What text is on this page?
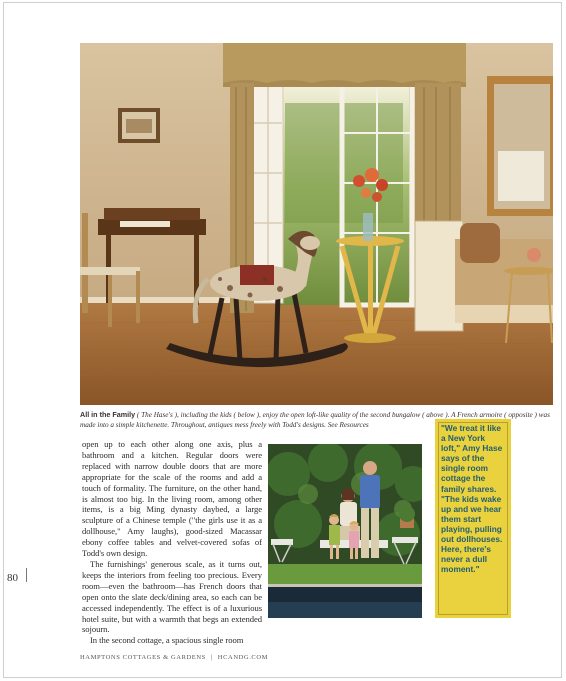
All in the Family ( The Hase's ), including the kids ( below ), enjoy the open loft-like quality of the second bungalow ( above ). A French armoire ( opposite ) was made into a simple kitchenette. Throughout, antiques mess freely with Todd's designs. See Resources

open up to each other along one axis, plus a bathroom and a kitchen. Regular doors were replaced with narrow double doors that are more appropriate for the scale of the rooms and add a touch of formality. The furniture, on the other hand, is almost too big. In the living room, among other items, is a big Ming dynasty daybed, a large sculpture of a Chinese temple ("the girls use it as a dollhouse," Amy laughs), good-sized Macassar ebony coffee tables and velvet-covered sofas of Todd's own design.

The furnishings' generous scale, as it turns out, keeps the interiors from feeling too precious. Every room—even the bathroom—has French doors that open onto the slate deck/dining area, so each can be accessed independently. The effect is of a luxurious hotel suite, but with a warmth that begs an extended sojourn.

In the second cottage, a spacious single room

"We treat it like a New York loft," Amy Hase says of the single room cottage the family shares. "The kids wake up and we hear them start playing, pulling out dollhouses. Here, there's never a dull moment."
80
HAMPTONS COTTAGES & GARDENS | HCANDG.COM
